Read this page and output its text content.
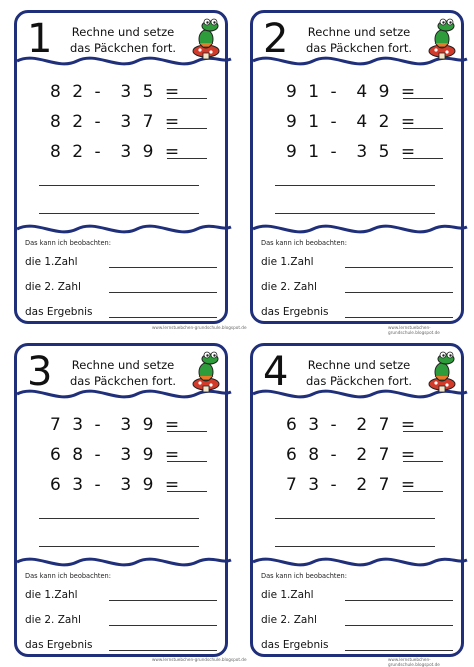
1	Rechne und setze das Päckchen fort.
8 2 -  3 5 =
8 2 -  3 7 =
8 2 -  3 9 =
Das kann ich beobachten:
die 1.Zahl
die 2. Zahl
das Ergebnis
www.lernstuebchen-grundschule.blogspot.de
2	Rechne und setze das Päckchen fort.
9 1 -  4 9 =
9 1 -  4 2 =
9 1 -  3 5 =
Das kann ich beobachten:
die 1.Zahl
die 2. Zahl
das Ergebnis
www.lernstuebchen-grundschule.blogspot.de
3	Rechne und setze das Päckchen fort.
7 3 -  3 9 =
6 8 -  3 9 =
6 3 -  3 9 =
Das kann ich beobachten:
die 1.Zahl
die 2. Zahl
das Ergebnis
www.lernstuebchen-grundschule.blogspot.de
4	Rechne und setze das Päckchen fort.
6 3 -  2 7 =
6 8 -  2 7 =
7 3 -  2 7 =
Das kann ich beobachten:
die 1.Zahl
die 2. Zahl
das Ergebnis
www.lernstuebchen-grundschule.blogspot.de
